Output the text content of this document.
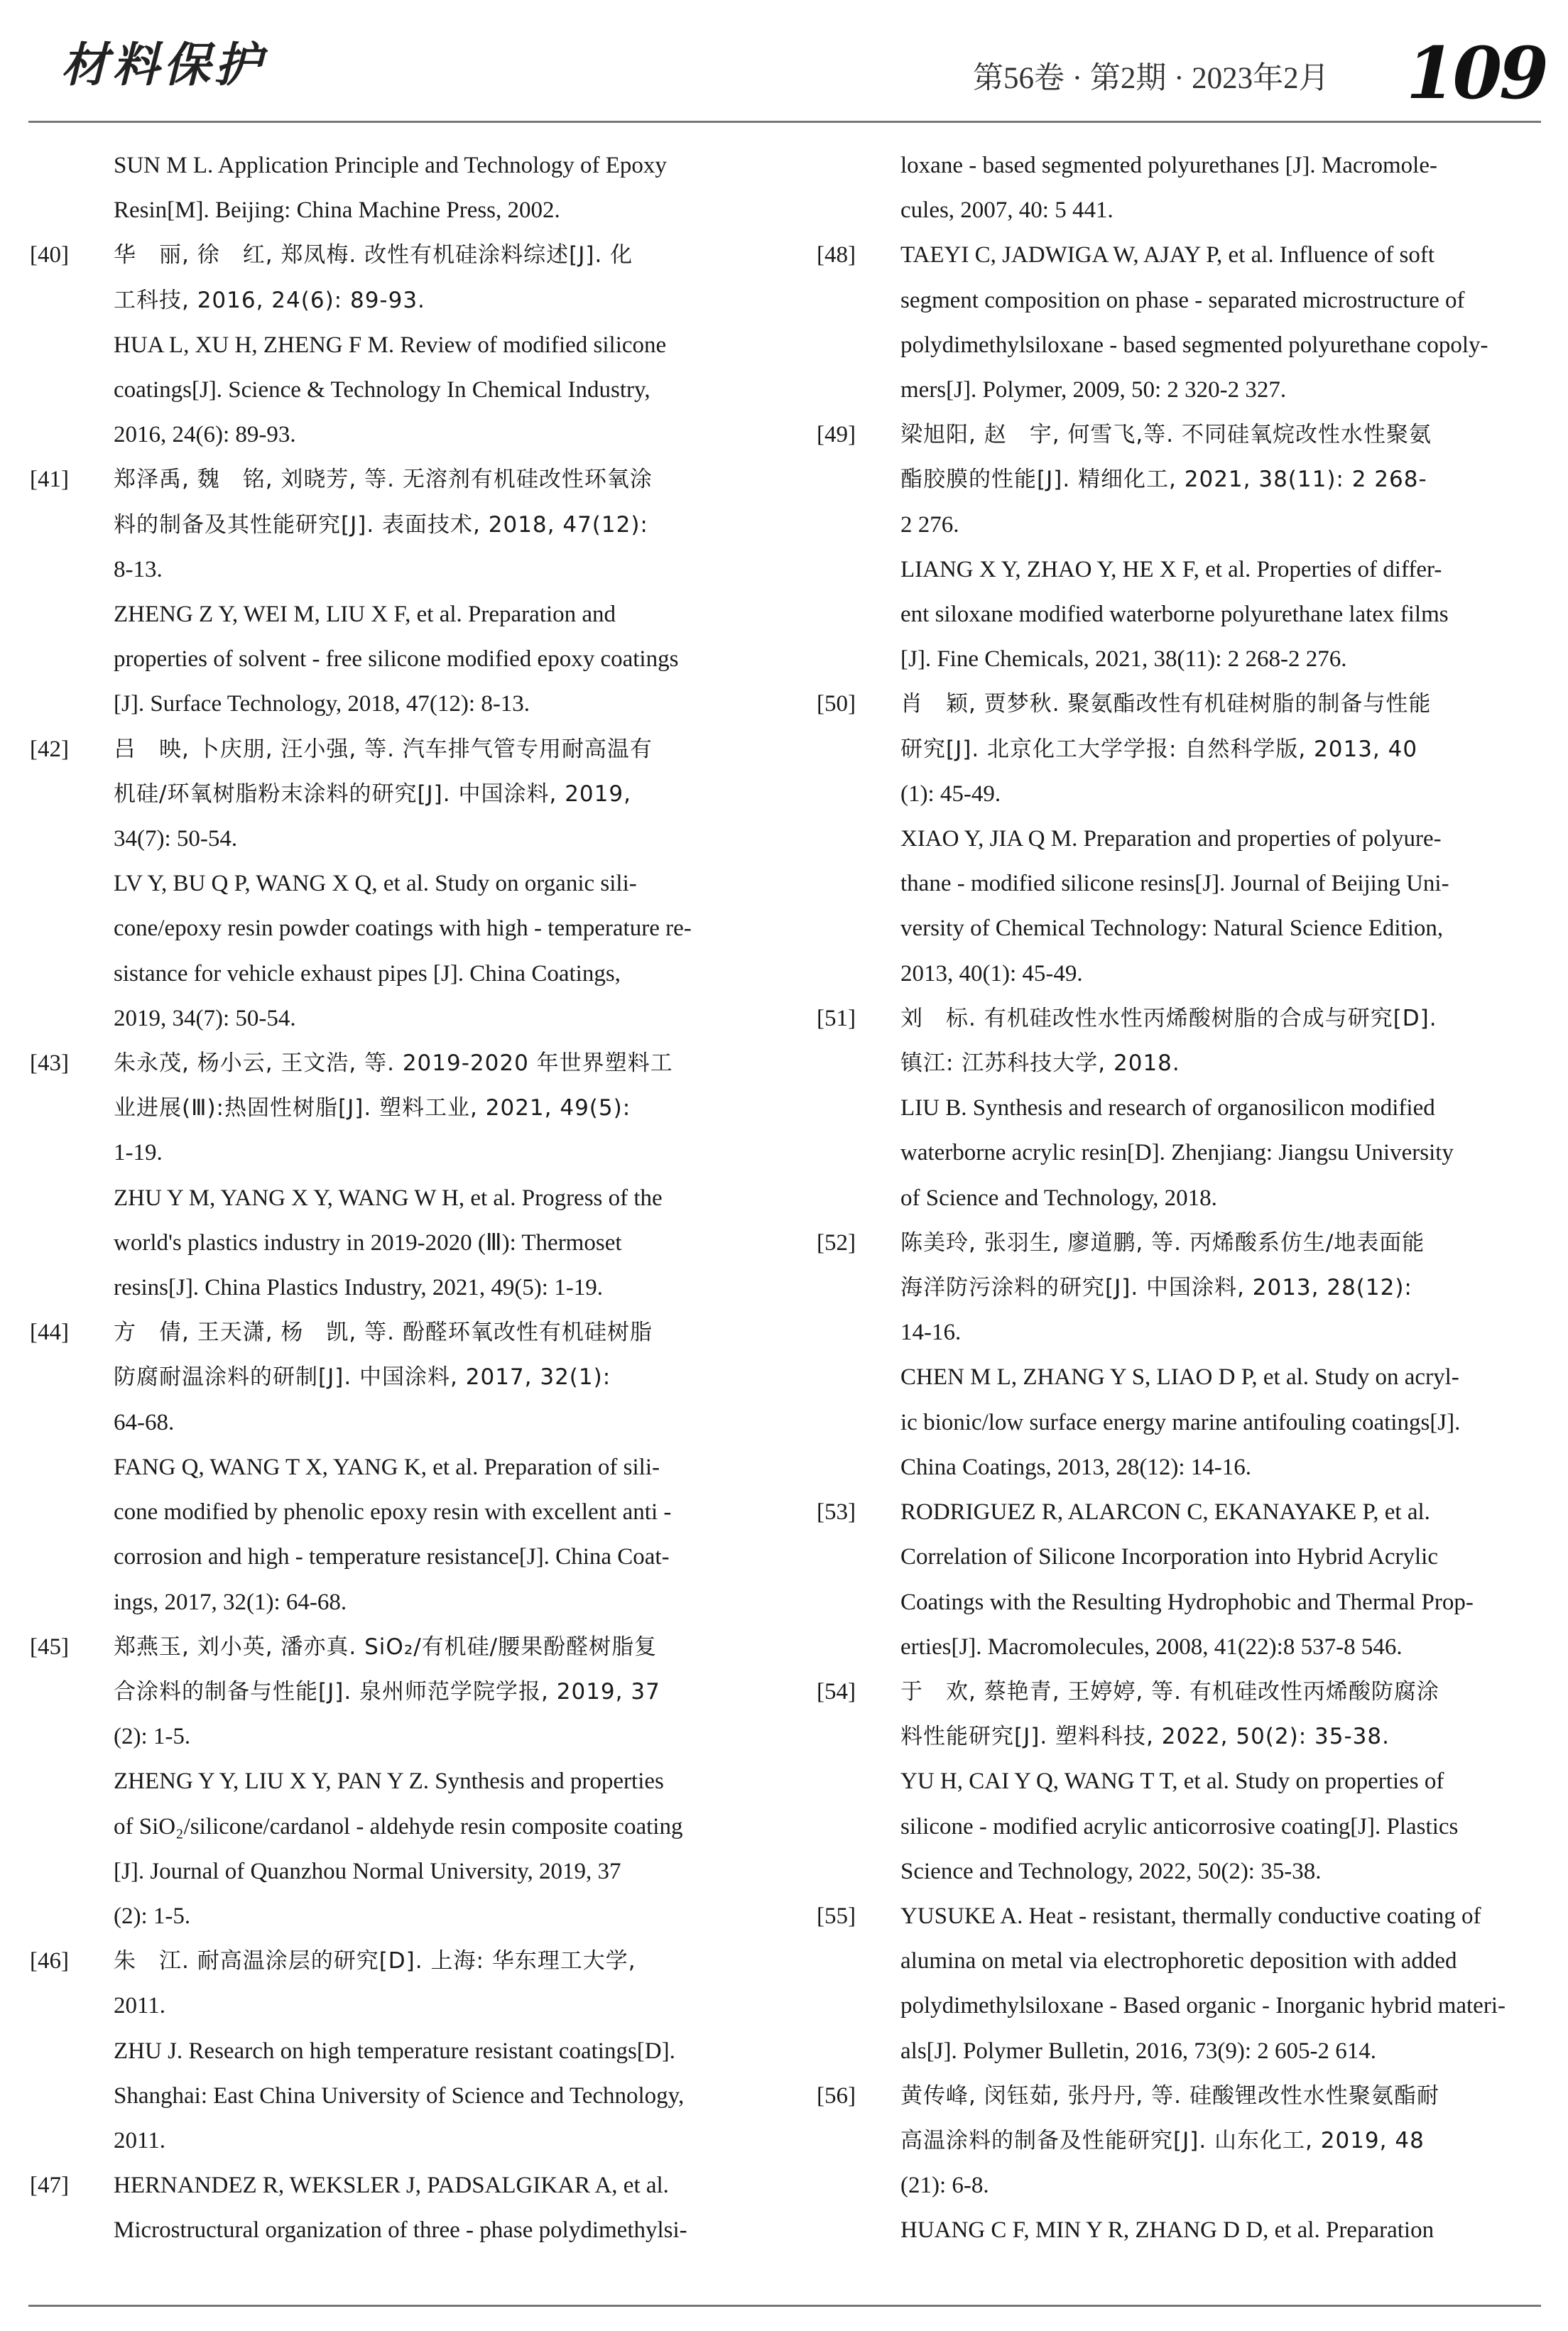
材料保护	第56卷 · 第2期 · 2023年2月 109
SUN M L. Application Principle and Technology of Epoxy
Resin[M]. Beijing: China Machine Press, 2002.
[40]	华　丽, 徐　红, 郑凤梅. 改性有机硅涂料综述[J]. 化
工科技, 2016, 24(6): 89-93.
HUA L, XU H, ZHENG F M. Review of modified silicone
coatings[J]. Science & Technology In Chemical Industry,
2016, 24(6): 89-93.
[41]	郑泽禹, 魏　铭, 刘晓芳, 等. 无溶剂有机硅改性环氧涂
料的制备及其性能研究[J]. 表面技术, 2018, 47(12):
8-13.
ZHENG Z Y, WEI M, LIU X F, et al. Preparation and
properties of solvent - free silicone modified epoxy coatings
[J]. Surface Technology, 2018, 47(12): 8-13.
[42]	吕　映, 卜庆朋, 汪小强, 等. 汽车排气管专用耐高温有
机硅/环氧树脂粉末涂料的研究[J]. 中国涂料, 2019,
34(7): 50-54.
LV Y, BU Q P, WANG X Q, et al. Study on organic sili-
cone/epoxy resin powder coatings with high - temperature re-
sistance for vehicle exhaust pipes [J]. China Coatings,
2019, 34(7): 50-54.
[43]	朱永茂, 杨小云, 王文浩, 等. 2019-2020 年世界塑料工
业进展(Ⅲ):热固性树脂[J]. 塑料工业, 2021, 49(5):
1-19.
ZHU Y M, YANG X Y, WANG W H, et al. Progress of the
world's plastics industry in 2019-2020 (Ⅲ): Thermoset
resins[J]. China Plastics Industry, 2021, 49(5): 1-19.
[44]	方　倩, 王天潇, 杨　凯, 等. 酚醛环氧改性有机硅树脂
防腐耐温涂料的研制[J]. 中国涂料, 2017, 32(1):
64-68.
FANG Q, WANG T X, YANG K, et al. Preparation of sili-
cone modified by phenolic epoxy resin with excellent anti -
corrosion and high - temperature resistance[J]. China Coat-
ings, 2017, 32(1): 64-68.
[45]	郑燕玉, 刘小英, 潘亦真. SiO₂/有机硅/腰果酚醛树脂复
合涂料的制备与性能[J]. 泉州师范学院学报, 2019, 37
(2): 1-5.
ZHENG Y Y, LIU X Y, PAN Y Z. Synthesis and properties
of SiO₂/silicone/cardanol - aldehyde resin composite coating
[J]. Journal of Quanzhou Normal University, 2019, 37
(2): 1-5.
[46]	朱　江. 耐高温涂层的研究[D]. 上海: 华东理工大学,
2011.
ZHU J. Research on high temperature resistant coatings[D].
Shanghai: East China University of Science and Technology,
2011.
[47]	HERNANDEZ R, WEKSLER J, PADSALGIKAR A, et al.
Microstructural organization of three - phase polydimethylsi-
loxane - based segmented polyurethanes [J]. Macromole-
cules, 2007, 40: 5 441.
[48]	TAEYI C, JADWIGA W, AJAY P, et al. Influence of soft
segment composition on phase - separated microstructure of
polydimethylsiloxane - based segmented polyurethane copoly-
mers[J]. Polymer, 2009, 50: 2 320-2 327.
[49]	梁旭阳, 赵　宇, 何雪飞,等. 不同硅氧烷改性水性聚氨
酯胶膜的性能[J]. 精细化工, 2021, 38(11): 2 268-
2 276.
LIANG X Y, ZHAO Y, HE X F, et al. Properties of differ-
ent siloxane modified waterborne polyurethane latex films
[J]. Fine Chemicals, 2021, 38(11): 2 268-2 276.
[50]	肖　颖, 贾梦秋. 聚氨酯改性有机硅树脂的制备与性能
研究[J]. 北京化工大学学报: 自然科学版, 2013, 40
(1): 45-49.
XIAO Y, JIA Q M. Preparation and properties of polyure-
thane - modified silicone resins[J]. Journal of Beijing Uni-
versity of Chemical Technology: Natural Science Edition,
2013, 40(1): 45-49.
[51]	刘　标. 有机硅改性水性丙烯酸树脂的合成与研究[D].
镇江: 江苏科技大学, 2018.
LIU B. Synthesis and research of organosilicon modified
waterborne acrylic resin[D]. Zhenjiang: Jiangsu University
of Science and Technology, 2018.
[52]	陈美玲, 张羽生, 廖道鹏, 等. 丙烯酸系仿生/地表面能
海洋防污涂料的研究[J]. 中国涂料, 2013, 28(12):
14-16.
CHEN M L, ZHANG Y S, LIAO D P, et al. Study on acryl-
ic bionic/low surface energy marine antifouling coatings[J].
China Coatings, 2013, 28(12): 14-16.
[53]	RODRIGUEZ R, ALARCON C, EKANAYAKE P, et al.
Correlation of Silicone Incorporation into Hybrid Acrylic
Coatings with the Resulting Hydrophobic and Thermal Prop-
erties[J]. Macromolecules, 2008, 41(22):8 537-8 546.
[54]	于　欢, 蔡艳青, 王婷婷, 等. 有机硅改性丙烯酸防腐涂
料性能研究[J]. 塑料科技, 2022, 50(2): 35-38.
YU H, CAI Y Q, WANG T T, et al. Study on properties of
silicone - modified acrylic anticorrosive coating[J]. Plastics
Science and Technology, 2022, 50(2): 35-38.
[55]	YUSUKE A. Heat - resistant, thermally conductive coating of
alumina on metal via electrophoretic deposition with added
polydimethylsiloxane - Based organic - Inorganic hybrid materi-
als[J]. Polymer Bulletin, 2016, 73(9): 2 605-2 614.
[56]	黄传峰, 闵钰茹, 张丹丹, 等. 硅酸锂改性水性聚氨酯耐
高温涂料的制备及性能研究[J]. 山东化工, 2019, 48
(21): 6-8.
HUANG C F, MIN Y R, ZHANG D D, et al. Preparation
